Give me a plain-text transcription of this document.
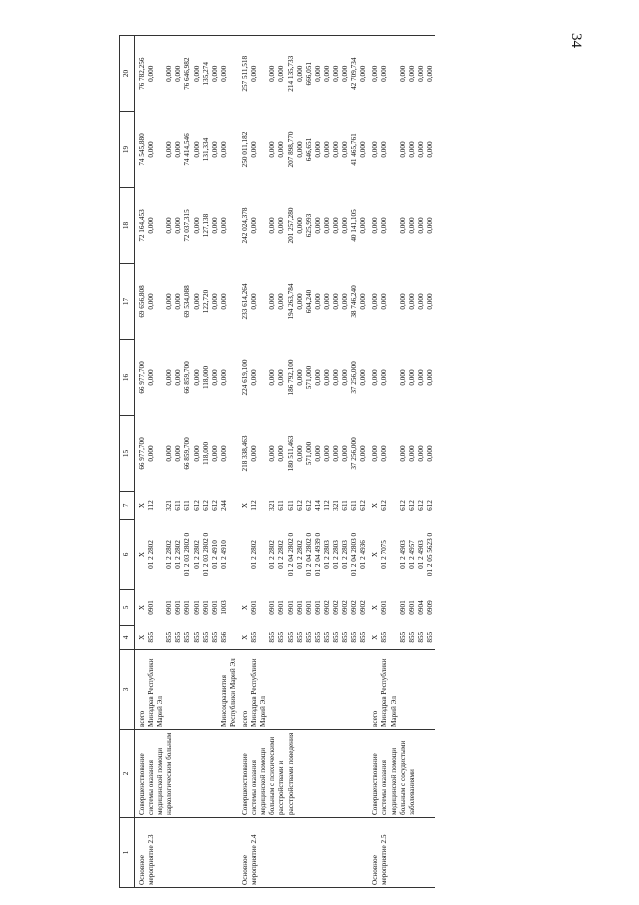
34
1	2	3	4	5	6	7	15	16	17	18	19	20
Основное мероприятие 2.3	Совершенствование системы оказания медицинской помощи наркологическим больным	всего	Х	Х	Х	Х	66 977,700	66 977,700	69 656,808	72 164,453	74 545,880	76 782,256
		Минздрав Республики Марий Эл	855	0901	01 2 2802	112	0,000	0,000	0,000	0,000	0,000	0,000
			855	0901	01 2 2802	321	0,000	0,000	0,000	0,000	0,000	0,000
			855	0901	01 2 2802	611	0,000	0,000	0,000	0,000	0,000	0,000
			855	0901	01 2 03 2802 0	611	66 859,700	66 859,700	69 534,088	72 037,315	74 414,546	76 646,982
			855	0901	01 2 2802	612	0,000	0,000	0,000	0,000	0,000	0,000
			855	0901	01 2 03 2802 0	612	118,000	118,000	122,720	127,138	131,334	135,274
			855	0901	01 2 4910	612	0,000	0,000	0,000	0,000	0,000	0,000
		Минсоцразвития Республики Марий Эл	856	1003	01 2 4910	244	0,000	0,000	0,000	0,000	0,000	0,000
Основное мероприятие 2.4	Совершенствование системы оказания медицинской помощи больным с психическими расстройствами и расстройствами поведения	всего	Х	Х		Х	218 338,463	224 619,100	233 614,264	242 024,378	250 011,182	257 511,518
		Минздрав Республики Марий Эл	855	0901	01 2 2802	112	0,000	0,000	0,000	0,000	0,000	0,000
			855	0901	01 2 2802	321	0,000	0,000	0,000	0,000	0,000	0,000
			855	0901	01 2 2802	611	0,000	0,000	0,000	0,000	0,000	0,000
			855	0901	01 2 04 2802 0	611	180 511,463	186 792,100	194 263,784	201 257,280	207 898,770	214 135,733
			855	0901	01 2 2802	612	0,000	0,000	0,000	0,000	0,000	0,000
			855	0901	01 2 04 2802 0	612	571,000	571,000	604,240	625,993	646,651	666,051
			855	0901	01 2 04 4939 0	414	0,000	0,000	0,000	0,000	0,000	0,000
			855	0902	01 2 2803	112	0,000	0,000	0,000	0,000	0,000	0,000
			855	0902	01 2 2803	321	0,000	0,000	0,000	0,000	0,000	0,000
			855	0902	01 2 2803	611	0,000	0,000	0,000	0,000	0,000	0,000
			855	0902	01 2 04 2803 0	611	37 256,000	37 256,000	38 746,240	40 141,105	41 465,761	42 709,734
			855	0902	01 2 4936	612	0,000	0,000	0,000	0,000	0,000	0,000
Основное мероприятие 2.5	Совершенствование системы оказания медицинской помощи больным с сосудистыми заболеваниями	всего	Х	Х	Х	Х	0,000	0,000	0,000	0,000	0,000	0,000
		Минздрав Республики Марий Эл	855	0901	01 2 7075	612	0,000	0,000	0,000	0,000	0,000	0,000
			855	0901	01 2 4903	612	0,000	0,000	0,000	0,000	0,000	0,000
			855	0901	01 2 4957	612	0,000	0,000	0,000	0,000	0,000	0,000
			855	0904	01 2 4903	612	0,000	0,000	0,000	0,000	0,000	0,000
			855	0909	01 2 05 5623 0	612	0,000	0,000	0,000	0,000	0,000	0,000
